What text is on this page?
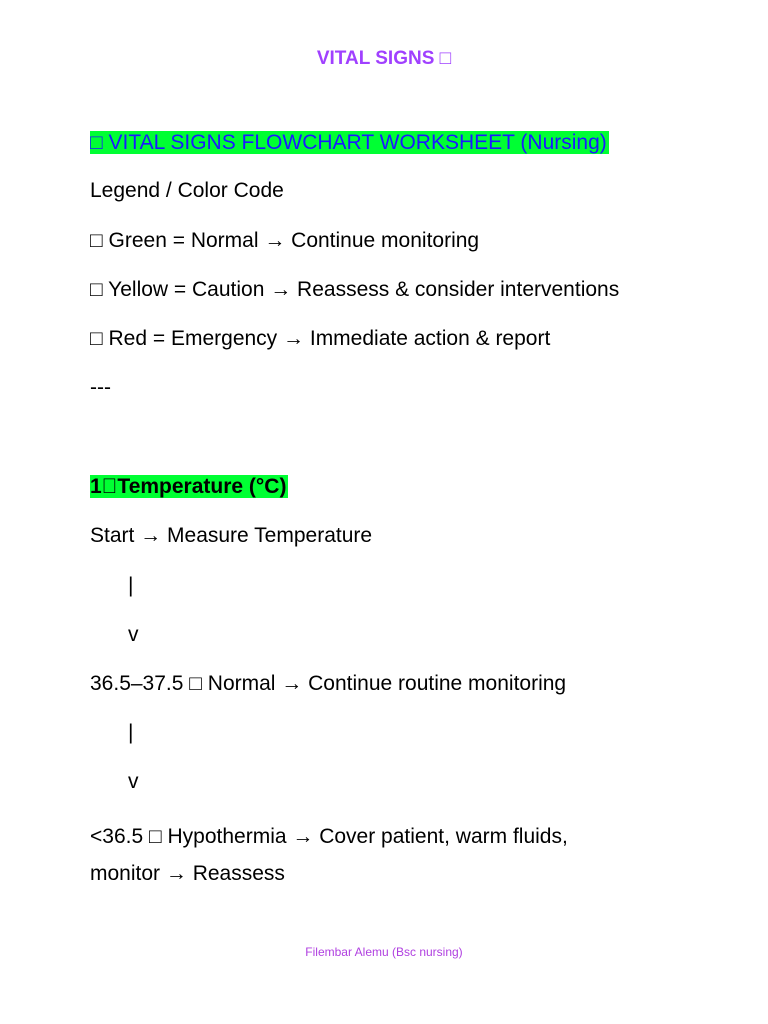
VITAL SIGNS □
□ VITAL SIGNS FLOWCHART WORKSHEET (Nursing)
Legend / Color Code
□ Green = Normal → Continue monitoring
□ Yellow = Caution → Reassess & consider interventions
□ Red = Emergency → Immediate action & report
---
1⃣Temperature (°C)
Start → Measure Temperature
|
v
36.5–37.5 □ Normal → Continue routine monitoring
|
v
<36.5 □ Hypothermia → Cover patient, warm fluids,
monitor → Reassess
Filembar Alemu (Bsc nursing)
